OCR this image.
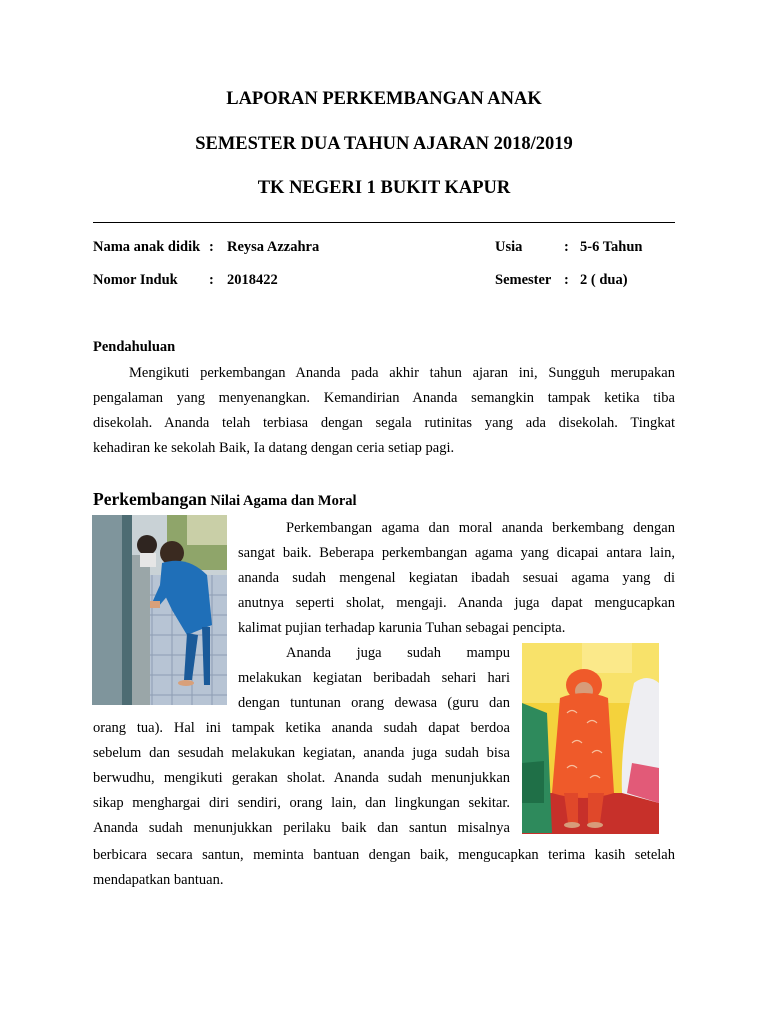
LAPORAN PERKEMBANGAN ANAK
SEMESTER DUA TAHUN AJARAN 2018/2019
TK NEGERI 1 BUKIT KAPUR
Nama anak didik : Reysa Azzahra	Usia	: 5-6 Tahun
Nomor Induk : 2018422	Semester : 2 ( dua)
Pendahuluan
Mengikuti perkembangan Ananda pada akhir tahun ajaran ini, Sungguh merupakan
pengalaman yang menyenangkan. Kemandirian Ananda semangkin tampak ketika tiba
disekolah. Ananda telah terbiasa dengan segala rutinitas yang ada disekolah. Tingkat
kehadiran ke sekolah Baik, Ia datang dengan ceria setiap pagi.
Perkembangan Nilai Agama dan Moral
Perkembangan agama dan moral ananda berkembang dengan
sangat baik. Beberapa perkembangan agama yang dicapai antara lain,
ananda sudah mengenal kegiatan ibadah sesuai agama yang di
anutnya seperti sholat, mengaji. Ananda juga dapat mengucapkan
kalimat pujian terhadap karunia Tuhan sebagai pencipta.
Ananda juga sudah mampu
melakukan kegiatan beribadah sehari hari
dengan tuntunan orang dewasa (guru dan
orang tua). Hal ini tampak ketika ananda sudah dapat berdoa
sebelum dan sesudah melakukan kegiatan, ananda juga sudah bisa
berwudhu, mengikuti gerakan sholat. Ananda sudah menunjukkan
sikap menghargai diri sendiri, orang lain, dan lingkungan sekitar.
Ananda sudah menunjukkan perilaku baik dan santun misalnya
berbicara secara santun, meminta bantuan dengan baik, mengucapkan terima kasih setelah
mendapatkan bantuan.
